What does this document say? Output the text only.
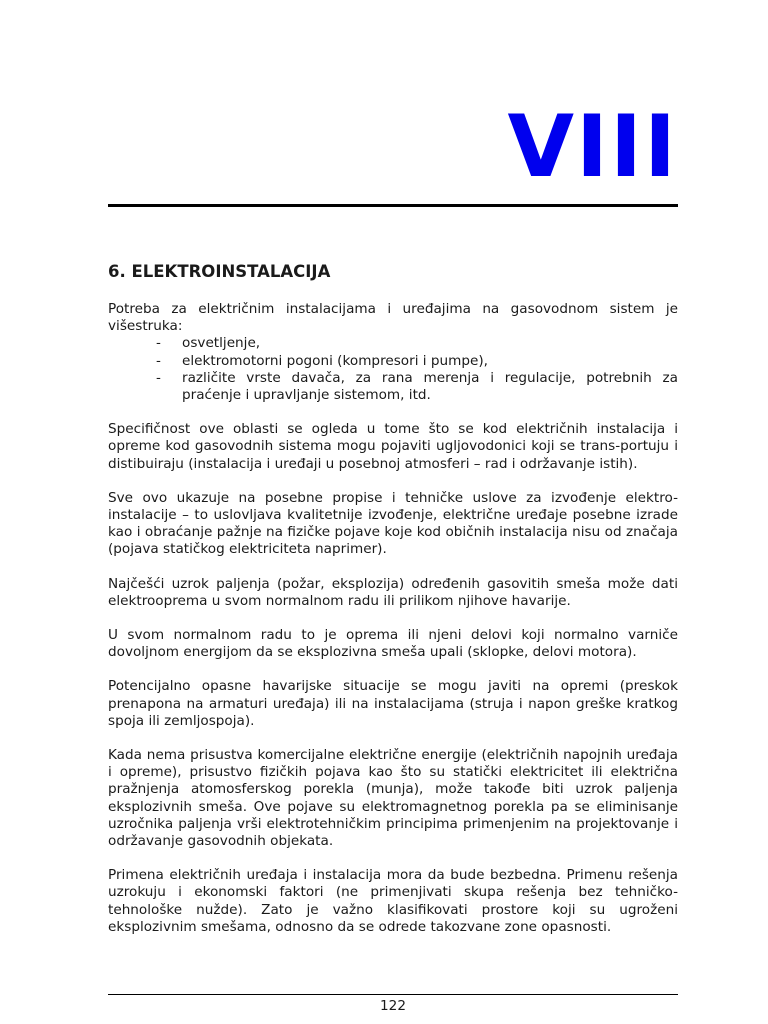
VIII
6. ELEKTROINSTALACIJA

Potreba za električnim instalacijama i uređajima na gasovodnom sistem je višestruka:

-	osvetljenje,
-	elektromotorni pogoni (kompresori i pumpe),
-	različite vrste davača, za rana merenja i regulacije, potrebnih za praćenje i upravljanje sistemom, itd.

Specifičnost ove oblasti se ogleda u tome što se kod električnih instalacija i opreme kod gasovodnih sistema mogu pojaviti ugljovodonici koji se trans-portuju i distibuiraju (instalacija i uređaji u posebnoj atmosferi – rad i održavanje istih).

Sve ovo ukazuje na posebne propise i tehničke uslove za izvođenje elektro-instalacije – to uslovljava kvalitetnije izvođenje, električne uređaje posebne izrade kao i obraćanje pažnje na fizičke pojave koje kod običnih instalacija nisu od značaja (pojava statičkog elektriciteta naprimer).

Najčešći uzrok paljenja (požar, eksplozija) određenih gasovitih smeša može dati elektrooprema u svom normalnom radu ili prilikom njihove havarije.

U svom normalnom radu to je oprema ili njeni delovi koji normalno varniče dovoljnom energijom da se eksplozivna smeša upali (sklopke, delovi motora).

Potencijalno opasne havarijske situacije se mogu javiti na opremi (preskok prenapona na armaturi uređaja) ili na instalacijama (struja i napon greške kratkog spoja ili zemljospoja).

Kada nema prisustva komercijalne električne energije (električnih napojnih uređaja i opreme), prisustvo fizičkih pojava kao što su statički elektricitet ili električna pražnjenja atomosferskog porekla (munja), može takođe biti uzrok paljenja eksplozivnih smeša. Ove pojave su elektromagnetnog porekla pa se eliminisanje uzročnika paljenja vrši elektrotehničkim principima primenjenim na projektovanje i održavanje gasovodnih objekata.

Primena električnih uređaja i instalacija mora da bude bezbedna. Primenu rešenja uzrokuju i ekonomski faktori (ne primenjivati skupa rešenja bez tehničko-tehnološke nužde). Zato je važno klasifikovati prostore koji su ugroženi eksplozivnim smešama, odnosno da se odrede takozvane zone opasnosti.

122
